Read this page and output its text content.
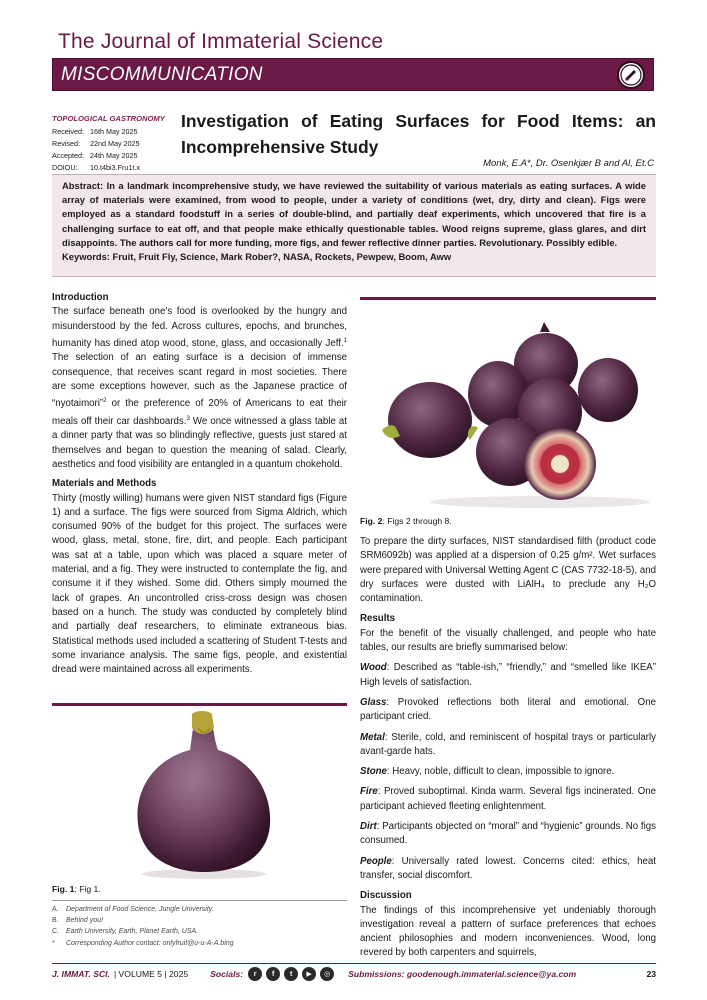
The Journal of Immaterial Science
MISCOMMUNICATION
TOPOLOGICAL GASTRONOMY
Received: 16th May 2025
Revised:	22nd May 2025
Accepted: 24th May 2025
DOIOU:	10.t4bi3.Fru1t.x
Investigation of Eating Surfaces for Food Items: an Incomprehensive Study
Monk, E.A*, Dr. Osenkjær B and Al, Et.C
Abstract: In a landmark incomprehensive study, we have reviewed the suitability of various materials as eating surfaces. A wide array of materials were examined, from wood to people, under a variety of conditions (wet, dry, dirty and clean). Figs were employed as a standard foodstuff in a series of double-blind, and partially deaf experiments, which uncovered that fire is a challenging surface to eat off, and that people make ethically questionable tables. Wood reigns supreme, glass glares, and dirt disappoints. The authors call for more funding, more figs, and fewer reflective dinner parties. Revolutionary. Possibly edible.
Keywords: Fruit, Fruit Fly, Science, Mark Rober?, NASA, Rockets, Pewpew, Boom, Aww
Introduction

The surface beneath one’s food is overlooked by the hungry and misunderstood by the fed. Across cultures, epochs, and brunches, humanity has dined atop wood, stone, glass, and occasionally Jeff.$^1$ The selection of an eating surface is a decision of immense consequence, that receives scant regard in most societies. There are some exceptions however, such as the Japanese practice of “nyotaimori”$^2$ or the preference of 20% of Americans to eat their meals off their car dashboards.$^3$ We once witnessed a glass table at a dinner party that was so blindingly reflective, guests just stared at themselves and began to question the meaning of salad. Clearly, aesthetics and food visibility are entangled in a quantum chokehold.

Materials and Methods

Thirty (mostly willing) humans were given NIST standard figs (Figure 1) and a surface. The figs were sourced from Sigma Aldrich, which consumed 90% of the budget for this project. The surfaces were wood, glass, metal, stone, fire, dirt, and people. Each participant was sat at a table, upon which was placed a square meter of material, and a fig. They were instructed to contemplate the fig, and consume it if they wished. Some did. Others simply mourned the lack of grapes. An uncontrolled criss-cross design was chosen based on a hunch. The study was conducted by completely blind and partially deaf researchers, to eliminate extraneous bias. Statistical methods used included a scattering of Student T-tests and some invariance analysis. The same figs, people, and existential dread were maintained across all experiments.

Fig. 1: Fig 1.
Fig. 2: Figs 2 through 8.

To prepare the dirty surfaces, NIST standardised filth (product code SRM6092b) was applied at a dispersion of 0.25 g/m². Wet surfaces were prepared with Universal Wetting Agent C (CAS 7732-18-5), and dry surfaces were dusted with LiAlH₄ to preclude any H₂O contamination.

Results

For the benefit of the visually challenged, and people who hate tables, our results are briefly summarised below:

Wood: Described as “table-ish,” “friendly,” and “smelled like IKEA” High levels of satisfaction.

Glass: Provoked reflections both literal and emotional. One participant cried.

Metal: Sterile, cold, and reminiscent of hospital trays or particularly avant-garde hats.

Stone: Heavy, noble, difficult to clean, impossible to ignore.

Fire: Proved suboptimal. Kinda warm. Several figs incinerated. One participant achieved fleeting enlightenment.

Dirt: Participants objected on “moral” and “hygienic” grounds. No figs consumed.

People: Universally rated lowest. Concerns cited: ethics, heat transfer, social discomfort.

Discussion

The findings of this incomprehensive yet undeniably thorough investigation reveal a pattern of surface preferences that echoes ancient philosophies and modern inconveniences. Wood, long revered by both carpenters and squirrels,

A.	Department of Food Science, Jungle University.
B.	Behind you!
C.	Earth University, Earth, Planet Earth, USA.
*	Corresponding Author contact: onlyfruit@u-u-A-A.bing
J. IMMAT. SCI. | VOLUME 5 | 2025	Socials:	r	f	t	▶	◎	Submissions: goodenough.immaterial.science@ya.com	23
